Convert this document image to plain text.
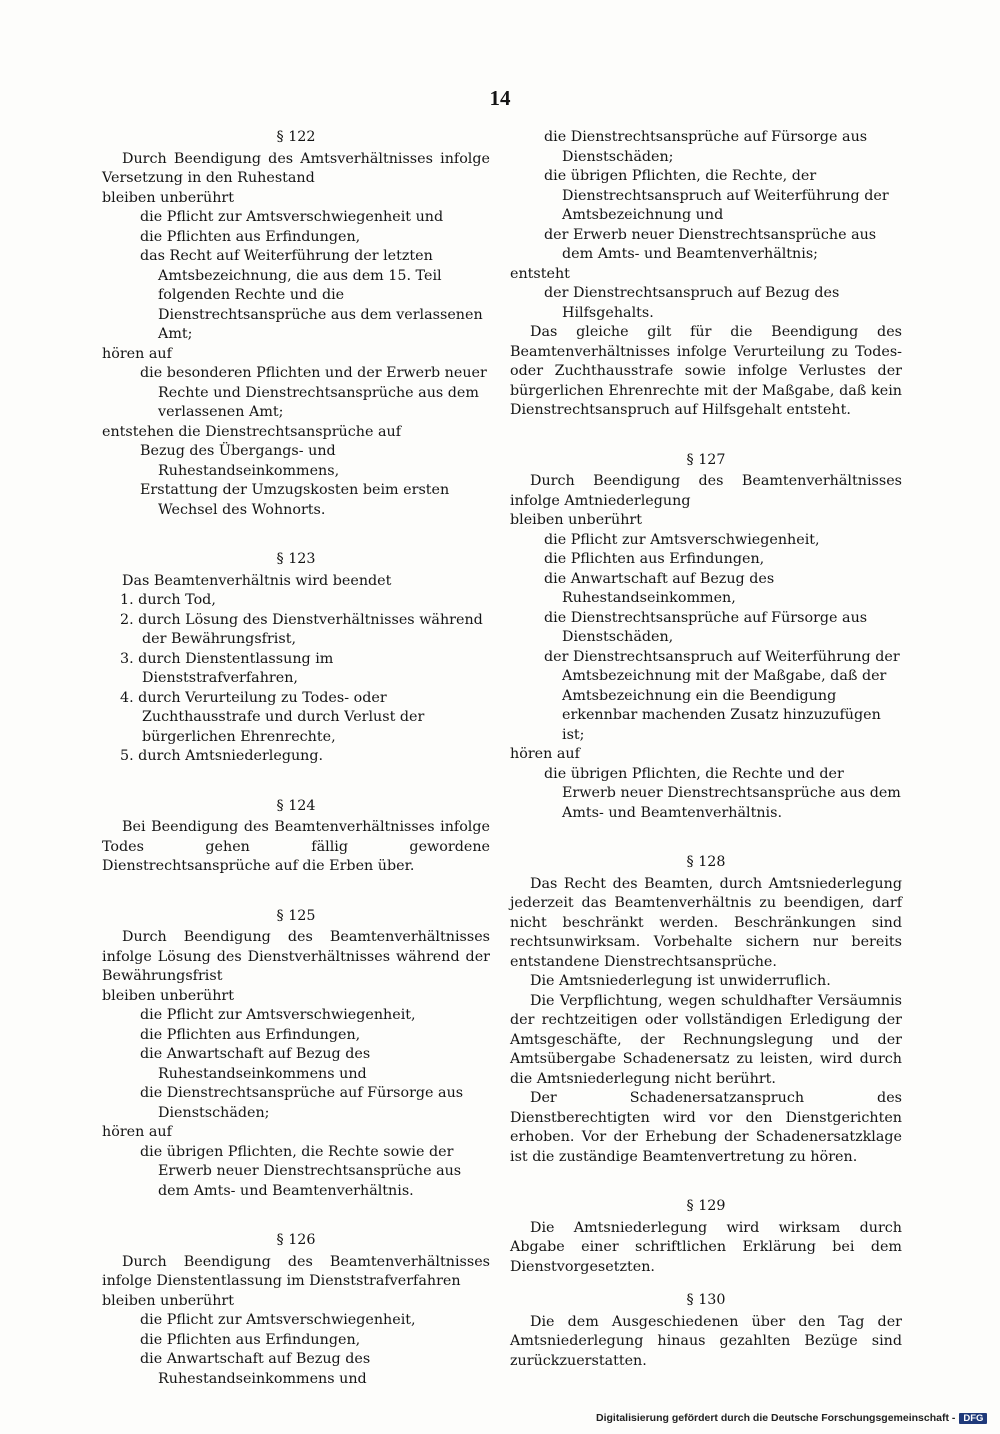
14
§ 122

Durch Beendigung des Amtsverhältnisses infolge Versetzung in den Ruhestand

bleiben unberührt

die Pflicht zur Amtsverschwiegenheit und

die Pflichten aus Erfindungen,

das Recht auf Weiterführung der letzten Amtsbezeichnung, die aus dem 15. Teil folgenden Rechte und die Dienstrechtsansprüche aus dem verlassenen Amt;

hören auf

die besonderen Pflichten und der Erwerb neuer Rechte und Dienstrechtsansprüche aus dem verlassenen Amt;

entstehen die Dienstrechtsansprüche auf

Bezug des Übergangs- und Ruhestandseinkommens,

Erstattung der Umzugskosten beim ersten Wechsel des Wohnorts.

§ 123

Das Beamtenverhältnis wird beendet

1. durch Tod,

2. durch Lösung des Dienstverhältnisses während der Bewährungsfrist,

3. durch Dienstentlassung im Dienststrafverfahren,

4. durch Verurteilung zu Todes- oder Zuchthausstrafe und durch Verlust der bürgerlichen Ehrenrechte,

5. durch Amtsniederlegung.

§ 124

Bei Beendigung des Beamtenverhältnisses infolge Todes gehen fällig gewordene Dienstrechtsansprüche auf die Erben über.

§ 125

Durch Beendigung des Beamtenverhältnisses infolge Lösung des Dienstverhältnisses während der Bewährungsfrist

bleiben unberührt

die Pflicht zur Amtsverschwiegenheit,

die Pflichten aus Erfindungen,

die Anwartschaft auf Bezug des Ruhestandseinkommens und

die Dienstrechtsansprüche auf Fürsorge aus Dienstschäden;

hören auf

die übrigen Pflichten, die Rechte sowie der Erwerb neuer Dienstrechtsansprüche aus dem Amts- und Beamtenverhältnis.

§ 126

Durch Beendigung des Beamtenverhältnisses infolge Dienstentlassung im Dienststrafverfahren

bleiben unberührt

die Pflicht zur Amtsverschwiegenheit,

die Pflichten aus Erfindungen,

die Anwartschaft auf Bezug des Ruhestandseinkommens und

die Dienstrechtsansprüche auf Fürsorge aus Dienstschäden;

die übrigen Pflichten, die Rechte, der Dienstrechtsanspruch auf Weiterführung der Amtsbezeichnung und

der Erwerb neuer Dienstrechtsansprüche aus dem Amts- und Beamtenverhältnis;

entsteht

der Dienstrechtsanspruch auf Bezug des Hilfsgehalts.

Das gleiche gilt für die Beendigung des Beamtenverhältnisses infolge Verurteilung zu Todes- oder Zuchthausstrafe sowie infolge Verlustes der bürgerlichen Ehrenrechte mit der Maßgabe, daß kein Dienstrechtsanspruch auf Hilfsgehalt entsteht.

§ 127

Durch Beendigung des Beamtenverhältnisses infolge Amtniederlegung

bleiben unberührt

die Pflicht zur Amtsverschwiegenheit,

die Pflichten aus Erfindungen,

die Anwartschaft auf Bezug des Ruhestandseinkommen,

die Dienstrechtsansprüche auf Fürsorge aus Dienstschäden,

der Dienstrechtsanspruch auf Weiterführung der Amtsbezeichnung mit der Maßgabe, daß der Amtsbezeichnung ein die Beendigung erkennbar machenden Zusatz hinzuzufügen ist;

hören auf

die übrigen Pflichten, die Rechte und der Erwerb neuer Dienstrechtsansprüche aus dem Amts- und Beamtenverhältnis.

§ 128

Das Recht des Beamten, durch Amtsniederlegung jederzeit das Beamtenverhältnis zu beendigen, darf nicht beschränkt werden. Beschränkungen sind rechtsunwirksam. Vorbehalte sichern nur bereits entstandene Dienstrechtsansprüche.

Die Amtsniederlegung ist unwiderruflich.

Die Verpflichtung, wegen schuldhafter Versäumnis der rechtzeitigen oder vollständigen Erledigung der Amtsgeschäfte, der Rechnungslegung und der Amtsübergabe Schadenersatz zu leisten, wird durch die Amtsniederlegung nicht berührt.

Der Schadenersatzanspruch des Dienstberechtigten wird vor den Dienstgerichten erhoben. Vor der Erhebung der Schadenersatzklage ist die zuständige Beamtenvertretung zu hören.

§ 129

Die Amtsniederlegung wird wirksam durch Abgabe einer schriftlichen Erklärung bei dem Dienstvorgesetzten.

§ 130

Die dem Ausgeschiedenen über den Tag der Amtsniederlegung hinaus gezahlten Bezüge sind zurückzuerstatten.

Digitalisierung gefördert durch die Deutsche Forschungsgemeinschaft - DFG
